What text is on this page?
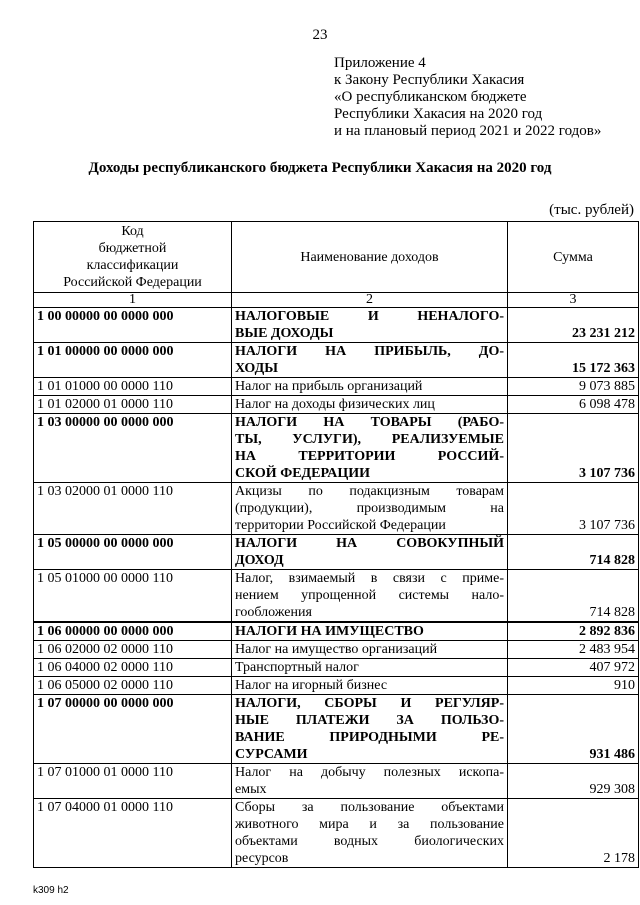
23
Приложение 4
к Закону Республики Хакасия
«О республиканском бюджете
Республики Хакасия на 2020 год
и на плановый период 2021 и 2022 годов»
Доходы республиканского бюджета Республики Хакасия на 2020 год
(тыс. рублей)
Код
бюджетной
классификации
Российской Федерации	Наименование доходов	Сумма
1	2	3
1 00 00000 00 0000 000	НАЛОГОВЫЕ И НЕНАЛОГО-
ВЫЕ ДОХОДЫ	23 231 212
1 01 00000 00 0000 000	НАЛОГИ НА ПРИБЫЛЬ, ДО-
ХОДЫ	15 172 363
1 01 01000 00 0000 110	Налог на прибыль организаций	9 073 885
1 01 02000 01 0000 110	Налог на доходы физических лиц	6 098 478
1 03 00000 00 0000 000	НАЛОГИ НА ТОВАРЫ (РАБО-
ТЫ, УСЛУГИ), РЕАЛИЗУЕМЫЕ
НА ТЕРРИТОРИИ РОССИЙ-
СКОЙ ФЕДЕРАЦИИ	3 107 736
1 03 02000 01 0000 110	Акцизы по подакцизным товарам
(продукции), производимым на
территории Российской Федерации	3 107 736
1 05 00000 00 0000 000	НАЛОГИ НА СОВОКУПНЫЙ
ДОХОД	714 828
1 05 01000 00 0000 110	Налог, взимаемый в связи с приме-
нением упрощенной системы нало-
гообложения	714 828
1 06 00000 00 0000 000	НАЛОГИ НА ИМУЩЕСТВО	2 892 836
1 06 02000 02 0000 110	Налог на имущество организаций	2 483 954
1 06 04000 02 0000 110	Транспортный налог	407 972
1 06 05000 02 0000 110	Налог на игорный бизнес	910
1 07 00000 00 0000 000	НАЛОГИ, СБОРЫ И РЕГУЛЯР-
НЫЕ ПЛАТЕЖИ ЗА ПОЛЬЗО-
ВАНИЕ ПРИРОДНЫМИ РЕ-
СУРСАМИ	931 486
1 07 01000 01 0000 110	Налог на добычу полезных ископа-
емых	929 308
1 07 04000 01 0000 110	Сборы за пользование объектами
животного мира и за пользование
объектами водных биологических
ресурсов	2 178
k309 h2
